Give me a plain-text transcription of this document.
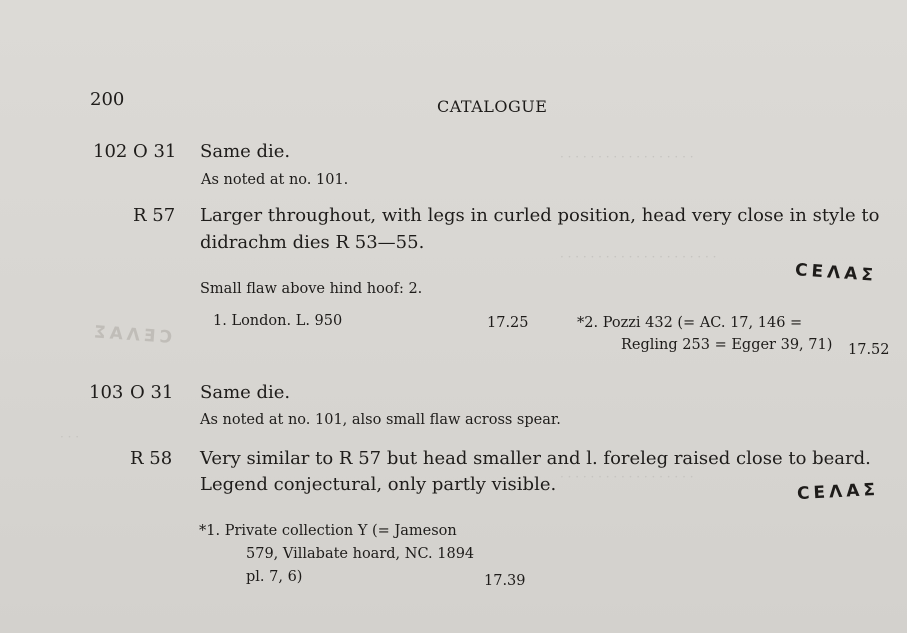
· · · · · · · · · · · · · · · · · ·
· · · · · · · · · · · · · · · · · · · · ·
· · · · · · · · · · · · · · · · · ·
· · ·
200	CATALOGUE
102 O 31 Same die.
As noted at no. 101.
R 57 Larger throughout, with legs in curled position, head very close in style to
didrachm dies R 53—55.
CΕΛΑΣ
CΕΛΑΣ
Small flaw above hind hoof: 2.
1. London. L. 950	17.25	*2. Pozzi 432 (= AC. 17, 146 =
Regling 253 = Egger 39, 71) 17.52
103 O 31 Same die.
As noted at no. 101, also small flaw across spear.
R 58 Very similar to R 57 but head smaller and l. foreleg raised close to beard.
Legend conjectural, only partly visible.	CΕΛΑΣ
*1. Private collection Y (= Jameson
579, Villabate hoard, NC. 1894
pl. 7, 6)	17.39
